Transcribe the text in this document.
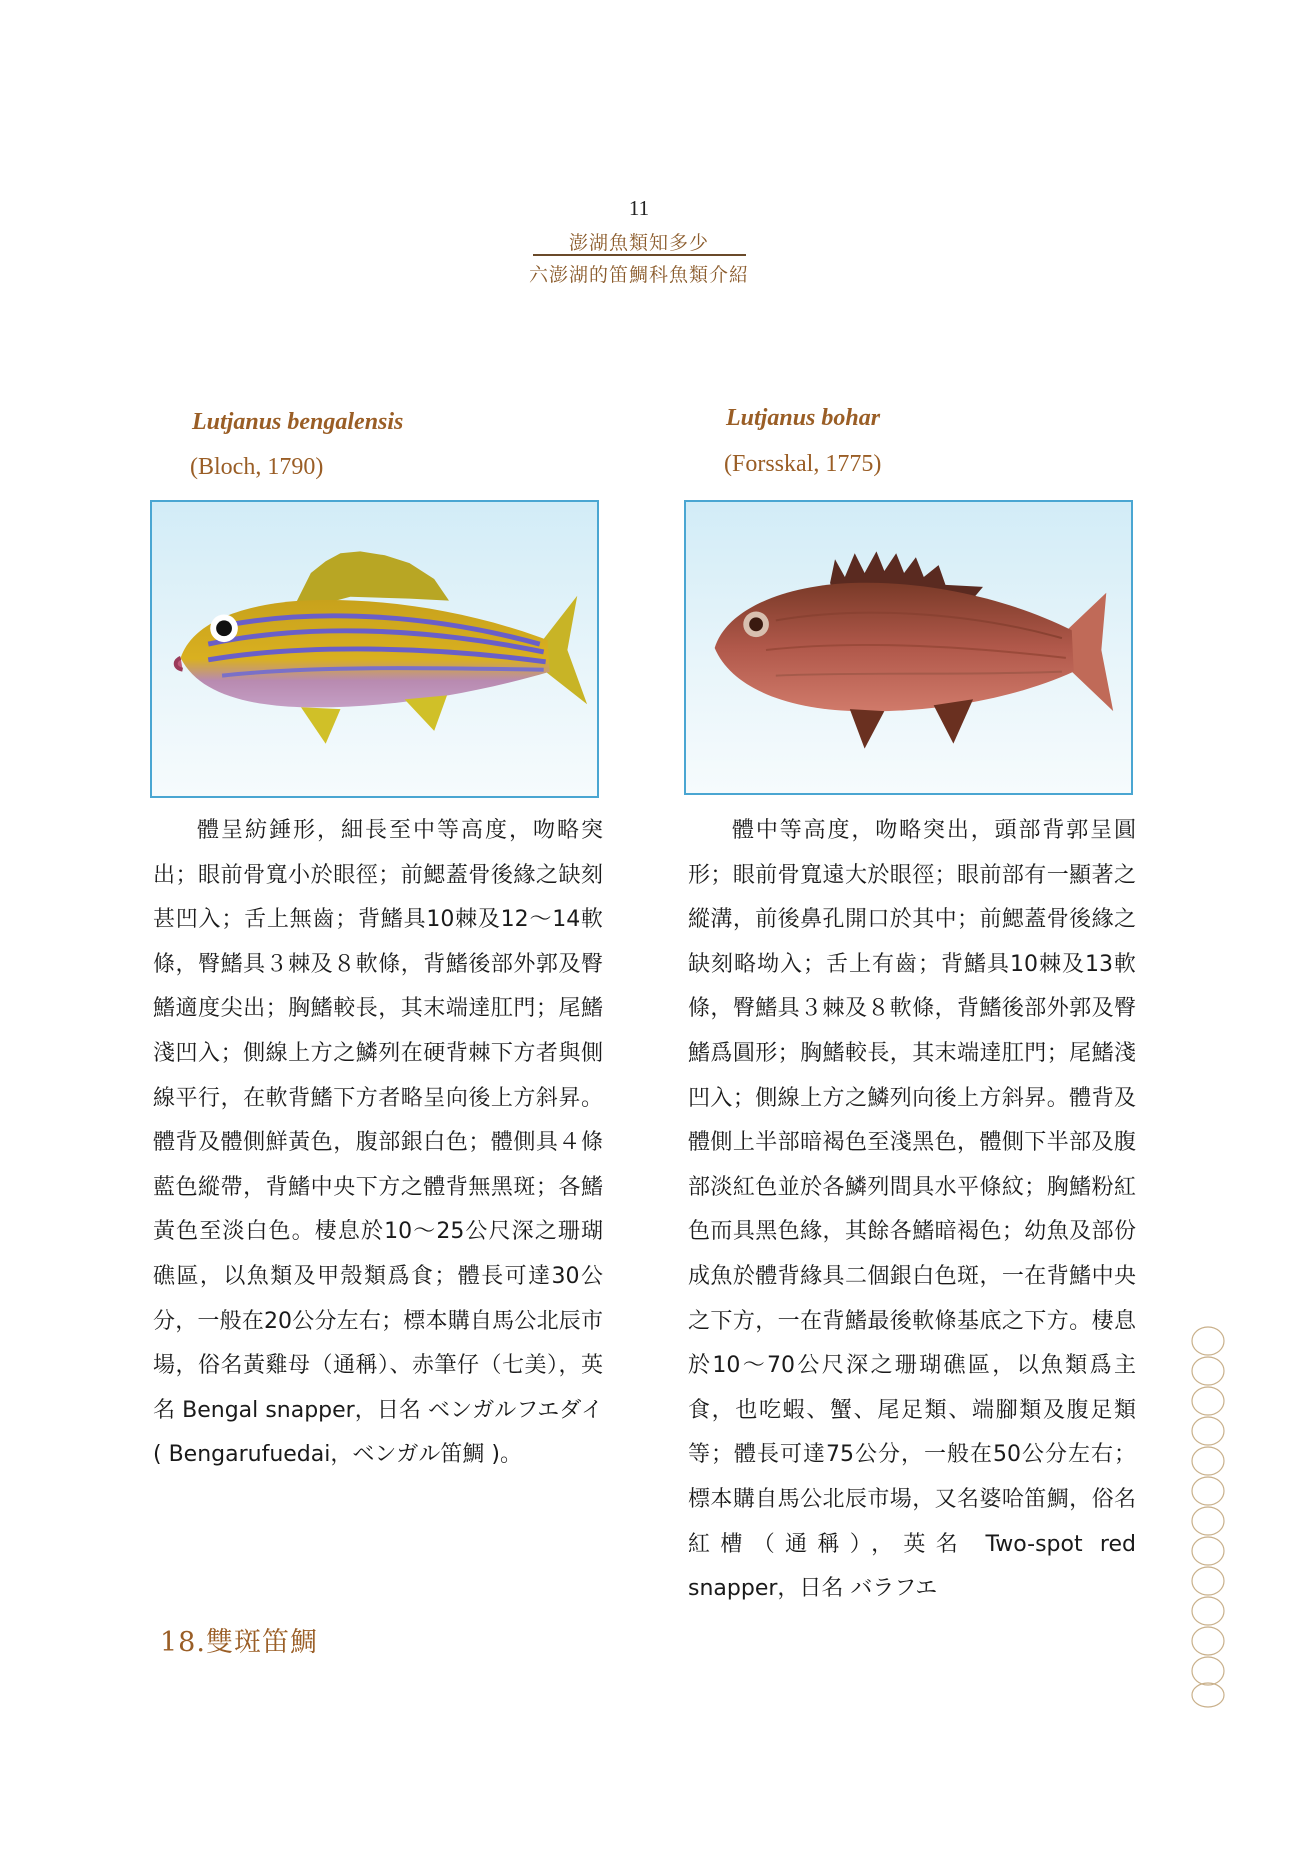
11
澎湖魚類知多少
六澎湖的笛鯛科魚類介紹
Lutjanus bengalensis
(Bloch, 1790)

體呈紡錘形，細長至中等高度，吻略突出；眼前骨寬小於眼徑；前鰓蓋骨後緣之缺刻甚凹入；舌上無齒；背鰭具10棘及12～14軟條，臀鰭具３棘及８軟條，背鰭後部外郭及臀鰭適度尖出；胸鰭較長，其末端達肛門；尾鰭淺凹入；側線上方之鱗列在硬背棘下方者與側線平行，在軟背鰭下方者略呈向後上方斜昇。體背及體側鮮黃色，腹部銀白色；體側具４條藍色縱帶，背鰭中央下方之體背無黑斑；各鰭黃色至淡白色。棲息於10～25公尺深之珊瑚礁區，以魚類及甲殼類爲食；體長可達30公分，一般在20公分左右；標本購自馬公北辰市場，俗名黃雞母（通稱）、赤筆仔（七美），英名 Bengal snapper，日名 ベンガルフエダイ ( Bengarufuedai，ベンガル笛鯛 )。

18.雙斑笛鯛
Lutjanus bohar
(Forsskal, 1775)

體中等高度，吻略突出，頭部背郭呈圓形；眼前骨寬遠大於眼徑；眼前部有一顯著之縱溝，前後鼻孔開口於其中；前鰓蓋骨後緣之缺刻略坳入；舌上有齒；背鰭具10棘及13軟條，臀鰭具３棘及８軟條，背鰭後部外郭及臀鰭爲圓形；胸鰭較長，其末端達肛門；尾鰭淺凹入；側線上方之鱗列向後上方斜昇。體背及體側上半部暗褐色至淺黑色，體側下半部及腹部淡紅色並於各鱗列間具水平條紋；胸鰭粉紅色而具黑色緣，其餘各鰭暗褐色；幼魚及部份成魚於體背緣具二個銀白色斑，一在背鰭中央之下方，一在背鰭最後軟條基底之下方。棲息於10～70公尺深之珊瑚礁區，以魚類爲主食，也吃蝦、蟹、尾足類、端腳類及腹足類等；體長可達75公分，一般在50公分左右；標本購自馬公北辰市場，又名婆哈笛鯛，俗名紅槽（通稱），英名 Two-spot red snapper，日名 バラフエ
